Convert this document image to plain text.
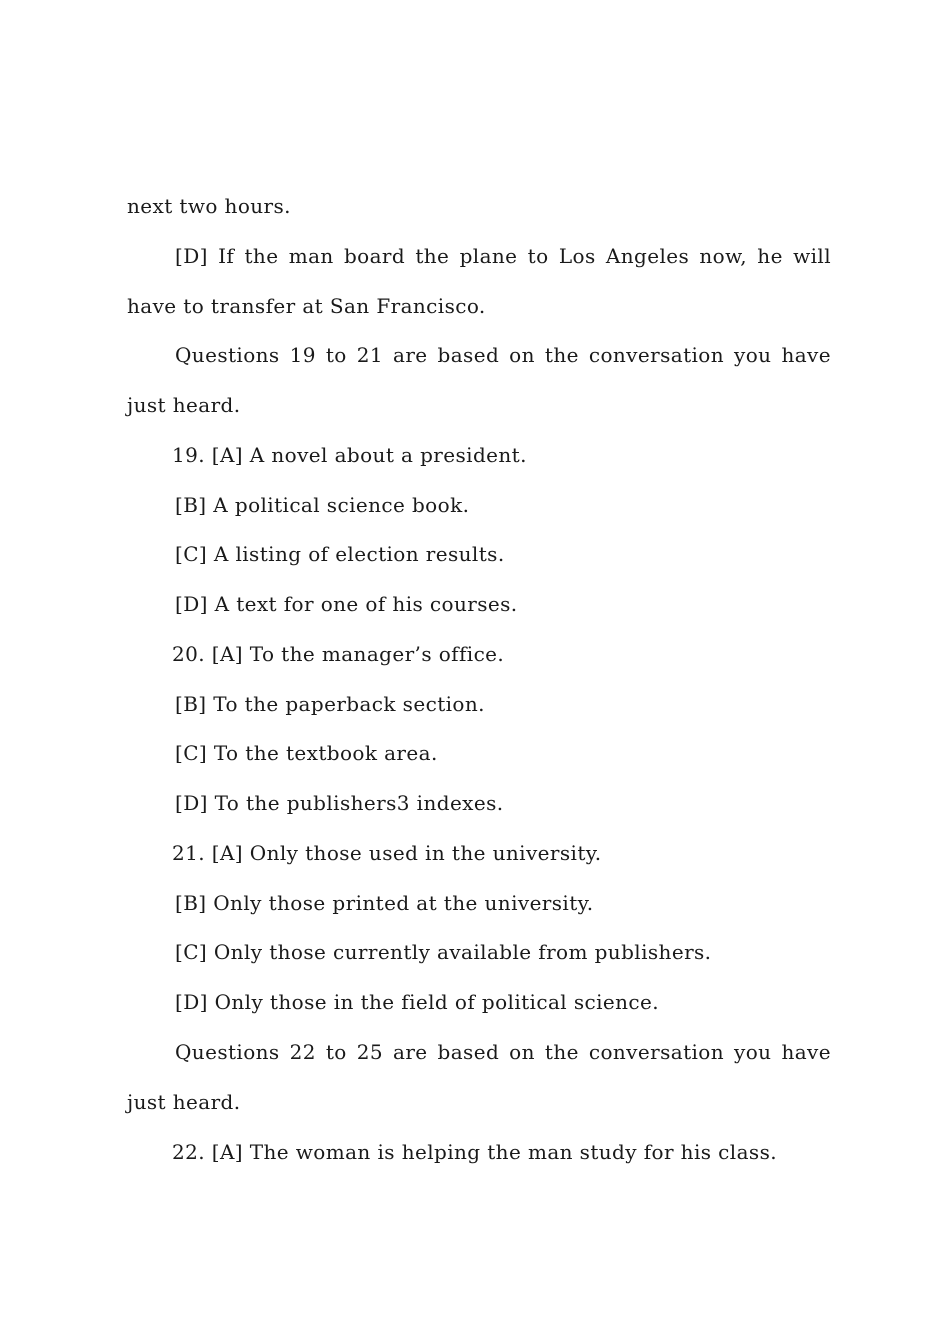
next two hours.
[D] If the man board the plane to Los Angeles now, he will
have to transfer at San Francisco.
Questions 19 to 21 are based on the conversation you have
just heard.
19. [A] A novel about a president.
[B] A political science book.
[C] A listing of election results.
[D] A text for one of his courses.
20. [A] To the manager’s office.
[B] To the paperback section.
[C] To the textbook area.
[D] To the publishers3 indexes.
21. [A] Only those used in the university.
[B] Only those printed at the university.
[C] Only those currently available from publishers.
[D] Only those in the field of political science.
Questions 22 to 25 are based on the conversation you have
just heard.
22. [A] The woman is helping the man study for his class.
